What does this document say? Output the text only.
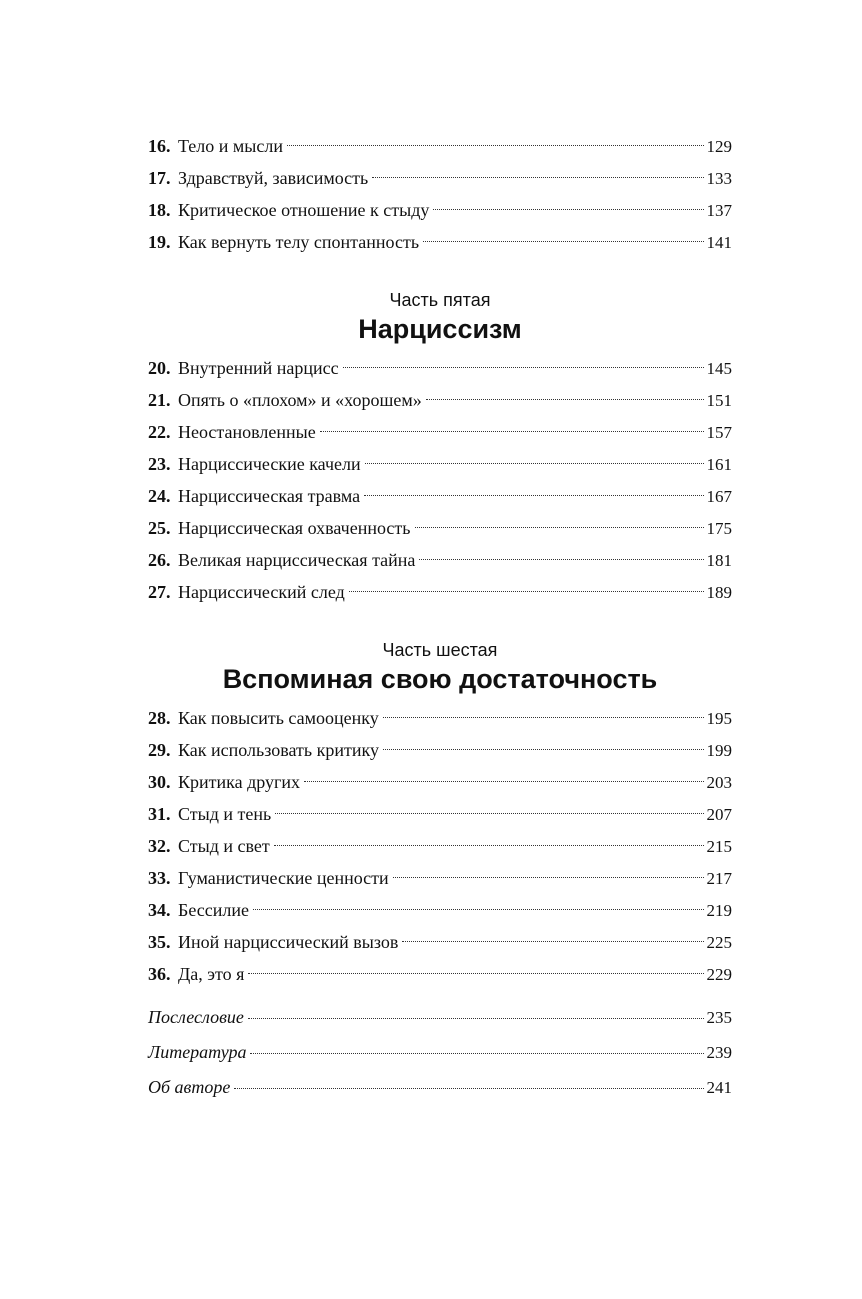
16. Тело и мысли	129
17. Здравствуй, зависимость	133
18. Критическое отношение к стыду	137
19. Как вернуть телу спонтанность	141
Часть пятая
Нарциссизм
20. Внутренний нарцисс	145
21. Опять о «плохом» и «хорошем»	151
22. Неостановленные	157
23. Нарциссические качели	161
24. Нарциссическая травма	167
25. Нарциссическая охваченность	175
26. Великая нарциссическая тайна	181
27. Нарциссический след	189
Часть шестая
Вспоминая свою достаточность
28. Как повысить самооценку	195
29. Как использовать критику	199
30. Критика других	203
31. Стыд и тень	207
32. Стыд и свет	215
33. Гуманистические ценности	217
34. Бессилие	219
35. Иной нарциссический вызов	225
36. Да, это я	229
Послесловие	235
Литература	239
Об авторе	241
